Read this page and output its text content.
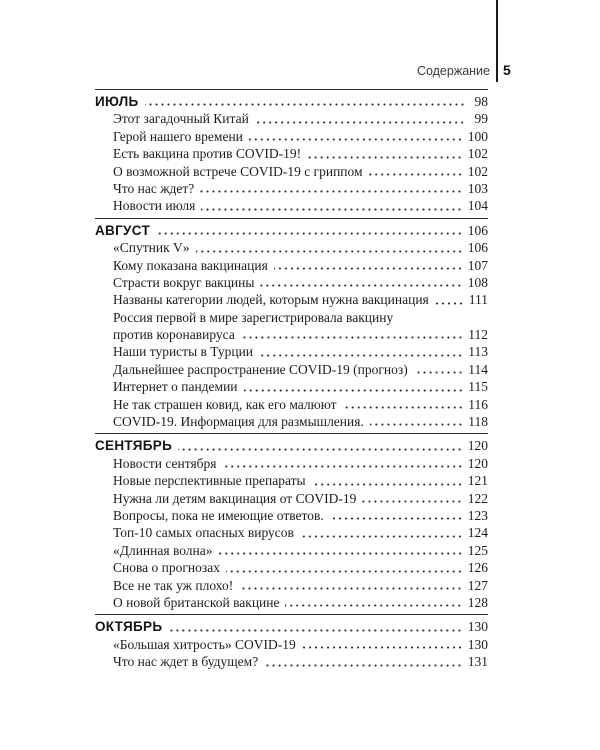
Содержание 5
ИЮЛЬ	98
Этот загадочный Китай	99
Герой нашего времени	100
Есть вакцина против COVID-19!	102
О возможной встрече COVID-19 с гриппом	102
Что нас ждет?	103
Новости июля	104
АВГУСТ	106
«Спутник V»	106
Кому показана вакцинация	107
Страсти вокруг вакцины	108
Названы категории людей, которым нужна вакцинация	111
Россия первой в мире зарегистрировала вакцину
против коронавируса	112
Наши туристы в Турции	113
Дальнейшее распространение COVID-19 (прогноз)	114
Интернет о пандемии	115
Не так страшен ковид, как его малюют	116
COVID-19. Информация для размышления.	118
СЕНТЯБРЬ	120
Новости сентября	120
Новые перспективные препараты	121
Нужна ли детям вакцинация от COVID-19	122
Вопросы, пока не имеющие ответов.	123
Топ-10 самых опасных вирусов	124
«Длинная волна»	125
Снова о прогнозах	126
Все не так уж плохо!	127
О новой британской вакцине	128
ОКТЯБРЬ	130
«Большая хитрость» COVID-19	130
Что нас ждет в будущем?	131
